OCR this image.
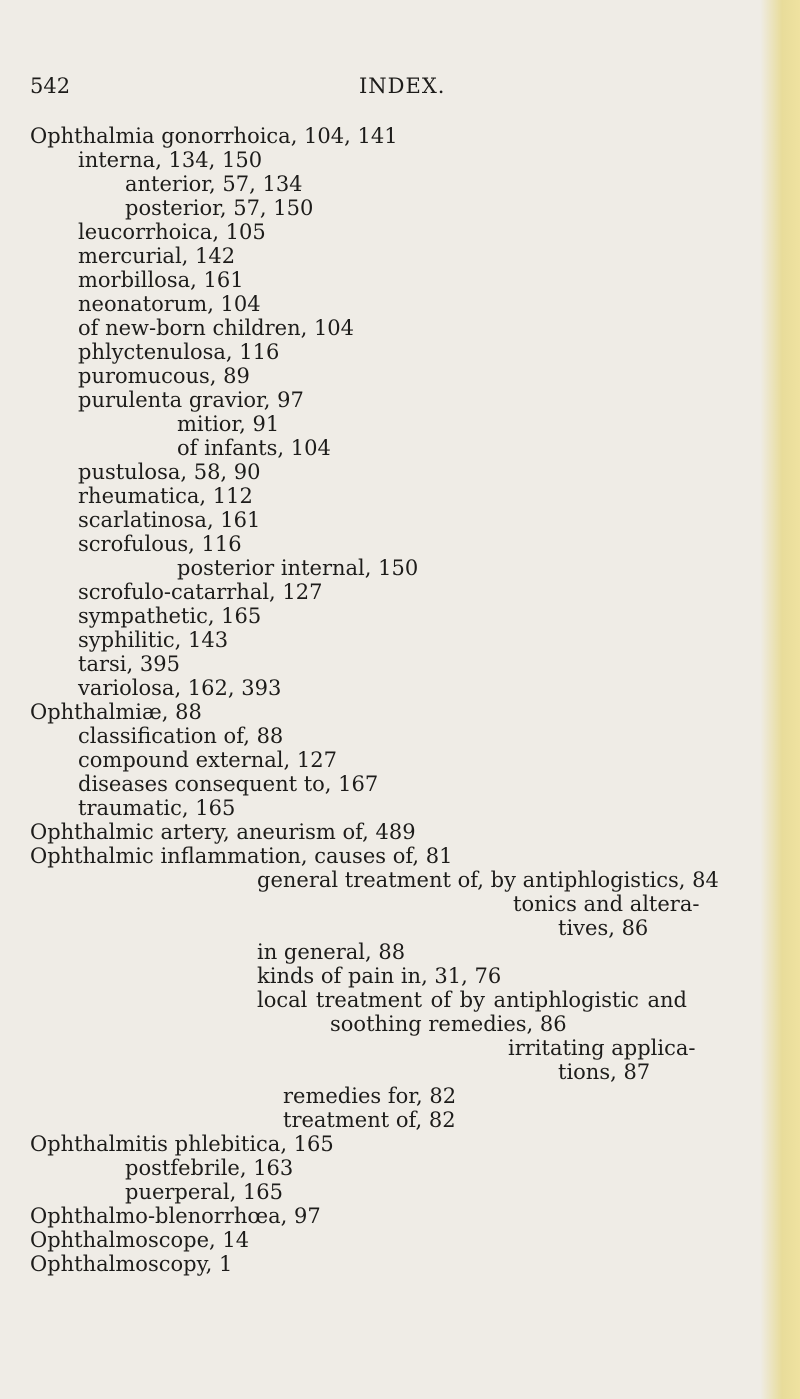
542	INDEX.
Ophthalmia gonorrhoica, 104, 141
interna, 134, 150
anterior, 57, 134
posterior, 57, 150
leucorrhoica, 105
mercurial, 142
morbillosa, 161
neonatorum, 104
of new-born children, 104
phlyctenulosa, 116
puromucous, 89
purulenta gravior, 97
mitior, 91
of infants, 104
pustulosa, 58, 90
rheumatica, 112
scarlatinosa, 161
scrofulous, 116
posterior internal, 150
scrofulo-catarrhal, 127
sympathetic, 165
syphilitic, 143
tarsi, 395
variolosa, 162, 393
Ophthalmiæ, 88
classification of, 88
compound external, 127
diseases consequent to, 167
traumatic, 165
Ophthalmic artery, aneurism of, 489
Ophthalmic inflammation, causes of, 81
general treatment of, by antiphlogistics, 84
tonics and altera-
tives, 86
in general, 88
kinds of pain in, 31, 76
local treatment of by antiphlogistic and
soothing remedies, 86
irritating applica-
tions, 87
remedies for, 82
treatment of, 82
Ophthalmitis phlebitica, 165
postfebrile, 163
puerperal, 165
Ophthalmo-blenorrhœa, 97
Ophthalmoscope, 14
Ophthalmoscopy, 1
